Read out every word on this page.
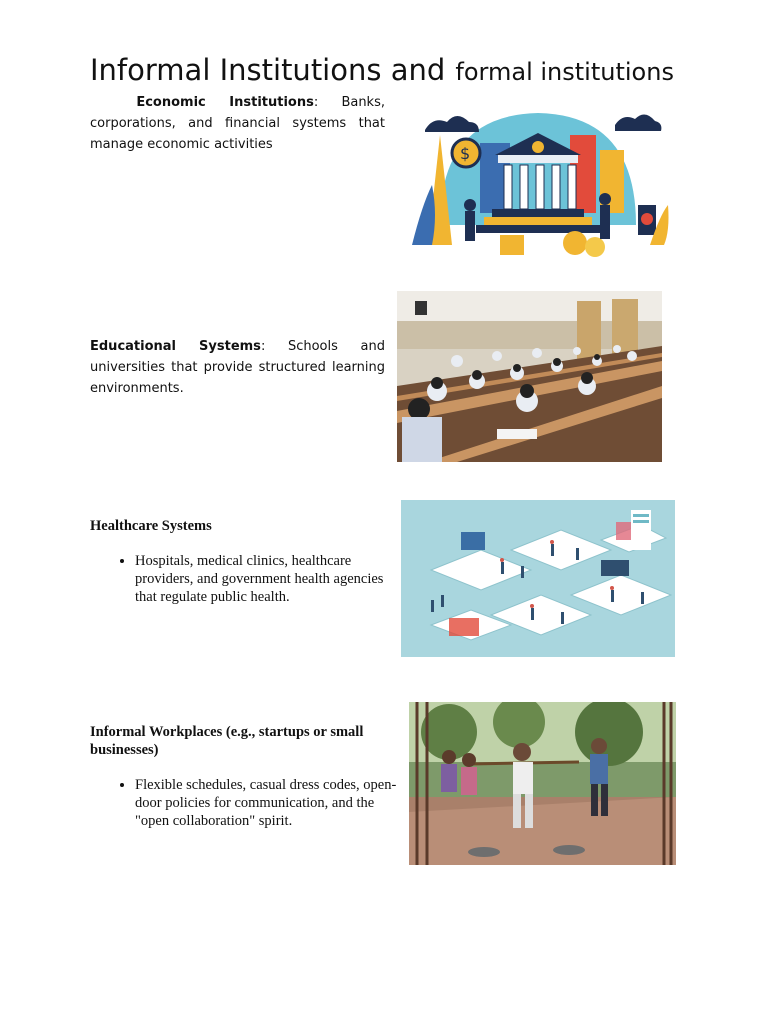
Informal Institutions and formal institutions
Economic Institutions: Banks, corporations, and financial systems that manage economic activities	$
Educational Systems: Schools and universities that provide structured learning environments.
Healthcare Systems
• Hospitals, medical clinics, healthcare providers, and government health agencies that regulate public health.
Informal Workplaces (e.g., startups or small businesses)
• Flexible schedules, casual dress codes, open-door policies for communication, and the "open collaboration" spirit.
